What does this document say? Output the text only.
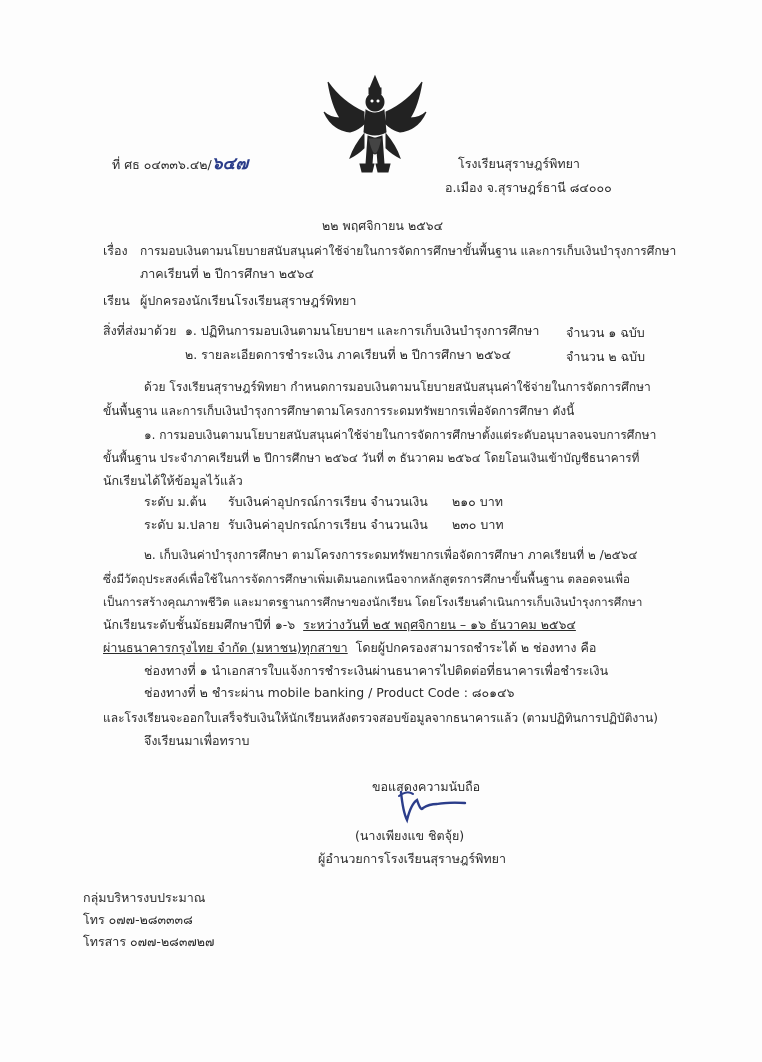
ที่ ศธ ๐๔๓๓๖.๔๒/๖๔๗	โรงเรียนสุราษฎร์พิทยา
อ.เมือง จ.สุราษฎร์ธานี ๘๔๐๐๐
๒๒ พฤศจิกายน ๒๕๖๔
เรื่อง การมอบเงินตามนโยบายสนับสนุนค่าใช้จ่ายในการจัดการศึกษาขั้นพื้นฐาน และการเก็บเงินบำรุงการศึกษา
ภาคเรียนที่ ๒ ปีการศึกษา ๒๕๖๔
เรียน ผู้ปกครองนักเรียนโรงเรียนสุราษฎร์พิทยา
สิ่งที่ส่งมาด้วย ๑. ปฏิทินการมอบเงินตามนโยบายฯ และการเก็บเงินบำรุงการศึกษา จำนวน ๑ ฉบับ
๒. รายละเอียดการชำระเงิน ภาคเรียนที่ ๒ ปีการศึกษา ๒๕๖๔	จำนวน ๒ ฉบับ
ด้วย โรงเรียนสุราษฎร์พิทยา กำหนดการมอบเงินตามนโยบายสนับสนุนค่าใช้จ่ายในการจัดการศึกษา
ขั้นพื้นฐาน และการเก็บเงินบำรุงการศึกษาตามโครงการระดมทรัพยากรเพื่อจัดการศึกษา ดังนี้
๑. การมอบเงินตามนโยบายสนับสนุนค่าใช้จ่ายในการจัดการศึกษาตั้งแต่ระดับอนุบาลจนจบการศึกษา
ขั้นพื้นฐาน ประจำภาคเรียนที่ ๒ ปีการศึกษา ๒๕๖๔ วันที่ ๓ ธันวาคม ๒๕๖๔ โดยโอนเงินเข้าบัญชีธนาคารที่
นักเรียนได้ให้ข้อมูลไว้แล้ว
ระดับ ม.ต้น รับเงินค่าอุปกรณ์การเรียน จำนวนเงิน ๒๑๐ บาท
ระดับ ม.ปลาย รับเงินค่าอุปกรณ์การเรียน จำนวนเงิน ๒๓๐ บาท
๒. เก็บเงินค่าบำรุงการศึกษา ตามโครงการระดมทรัพยากรเพื่อจัดการศึกษา ภาคเรียนที่ ๒ /๒๕๖๔
ซึ่งมีวัตถุประสงค์เพื่อใช้ในการจัดการศึกษาเพิ่มเติมนอกเหนือจากหลักสูตรการศึกษาขั้นพื้นฐาน ตลอดจนเพื่อ
เป็นการสร้างคุณภาพชีวิต และมาตรฐานการศึกษาของนักเรียน โดยโรงเรียนดำเนินการเก็บเงินบำรุงการศึกษา
นักเรียนระดับชั้นมัธยมศึกษาปีที่ ๑-๖ ระหว่างวันที่ ๒๕ พฤศจิกายน – ๑๖ ธันวาคม ๒๕๖๔
ผ่านธนาคารกรุงไทย จำกัด (มหาชน)ทุกสาขา โดยผู้ปกครองสามารถชำระได้ ๒ ช่องทาง คือ
ช่องทางที่ ๑ นำเอกสารใบแจ้งการชำระเงินผ่านธนาคารไปติดต่อที่ธนาคารเพื่อชำระเงิน
ช่องทางที่ ๒ ชำระผ่าน mobile banking / Product Code : ๘๐๑๔๖
และโรงเรียนจะออกใบเสร็จรับเงินให้นักเรียนหลังตรวจสอบข้อมูลจากธนาคารแล้ว (ตามปฏิทินการปฏิบัติงาน)
จึงเรียนมาเพื่อทราบ
ขอแสดงความนับถือ
(นางเพียงแข ชิตจุ้ย)
ผู้อำนวยการโรงเรียนสุราษฎร์พิทยา
กลุ่มบริหารงบประมาณ
โทร ๐๗๗-๒๘๓๓๓๘
โทรสาร ๐๗๗-๒๘๓๗๒๗
